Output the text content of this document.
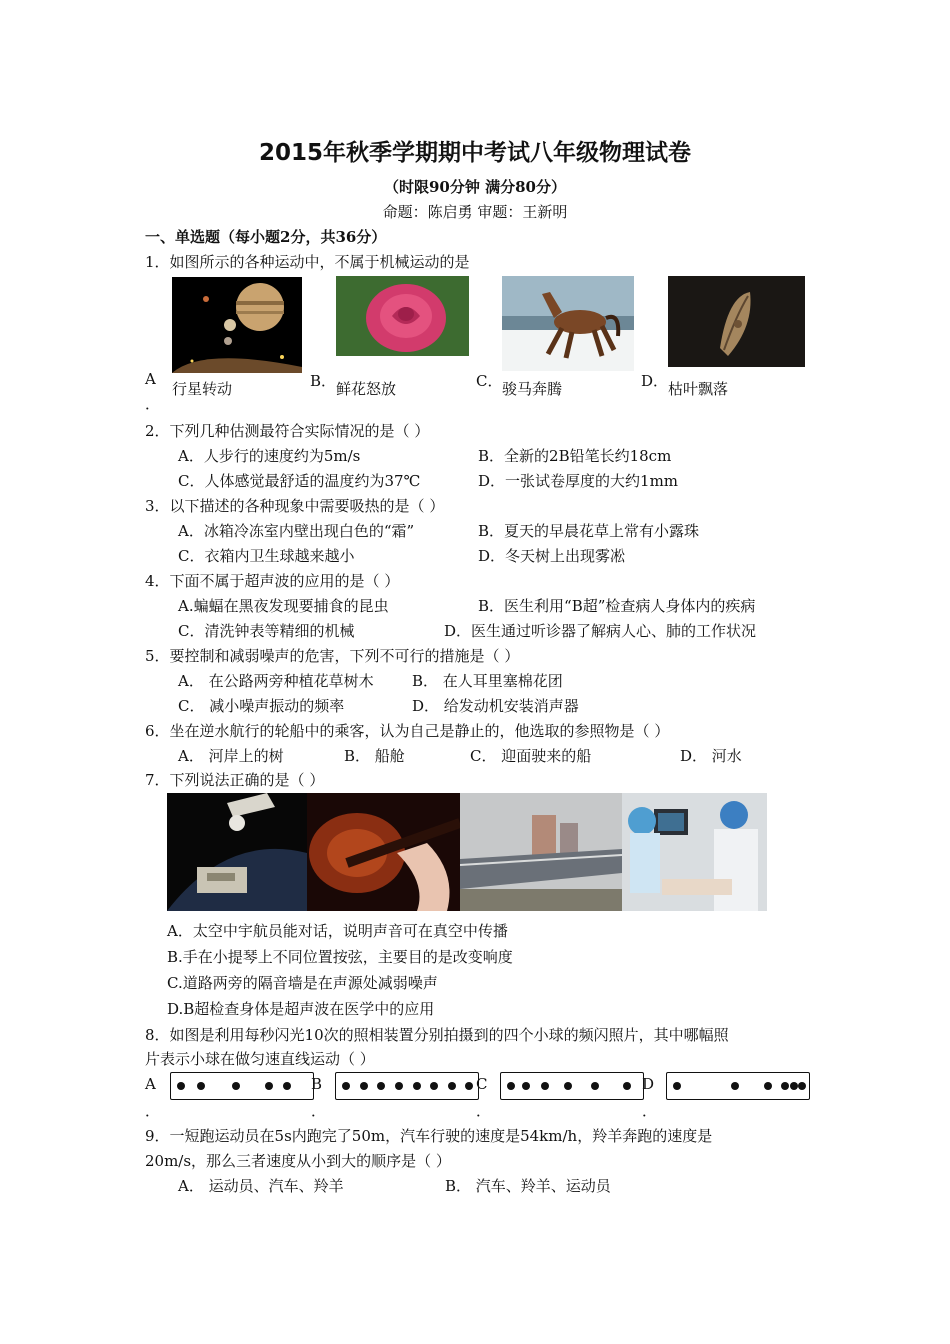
2015年秋季学期期中考试八年级物理试卷
（时限90分钟 满分80分）
命题：陈启勇 审题：王新明
一、单选题（每小题2分，共36分）
1．如图所示的各种运动中，不属于机械运动的是
A
．
行星转动	B． 鲜花怒放	C． 骏马奔腾	D． 枯叶飘落
2．下列几种估测最符合实际情况的是（ ）
A．人步行的速度约为5m/s	B．全新的2B铅笔长约18cm
C．人体感觉最舒适的温度约为37℃	D．一张试卷厚度的大约1mm
3．以下描述的各种现象中需要吸热的是（ ）
A．冰箱冷冻室内壁出现白色的“霜”	B．夏天的早晨花草上常有小露珠
C．衣箱内卫生球越来越小	D．冬天树上出现雾凇
4．下面不属于超声波的应用的是（ ）
A.蝙蝠在黑夜发现要捕食的昆虫	B．医生利用“B超”检查病人身体内的疾病
C．清洗钟表等精细的机械	D．医生通过听诊器了解病人心、肺的工作状况
5．要控制和减弱噪声的危害，下列不可行的措施是（ ）
A． 在公路两旁种植花草树木	B． 在人耳里塞棉花团
C． 减小噪声振动的频率	D． 给发动机安装消声器
6．坐在逆水航行的轮船中的乘客，认为自己是静止的，他选取的参照物是（ ）
A． 河岸上的树	B． 船舱	C． 迎面驶来的船	D． 河水
7．下列说法正确的是（ ）
A．太空中宇航员能对话，说明声音可在真空中传播
B.手在小提琴上不同位置按弦，主要目的是改变响度
C.道路两旁的隔音墙是在声源处减弱噪声
D.B超检查身体是超声波在医学中的应用
8．如图是利用每秒闪光10次的照相装置分别拍摄到的四个小球的频闪照片，其中哪幅照
片表示小球在做匀速直线运动（ ）
A
．
B
．
C
．
D
．
9．一短跑运动员在5s内跑完了50m，汽车行驶的速度是54km/h，羚羊奔跑的速度是
20m/s，那么三者速度从小到大的顺序是（ ）
A． 运动员、汽车、羚羊	B． 汽车、羚羊、运动员
